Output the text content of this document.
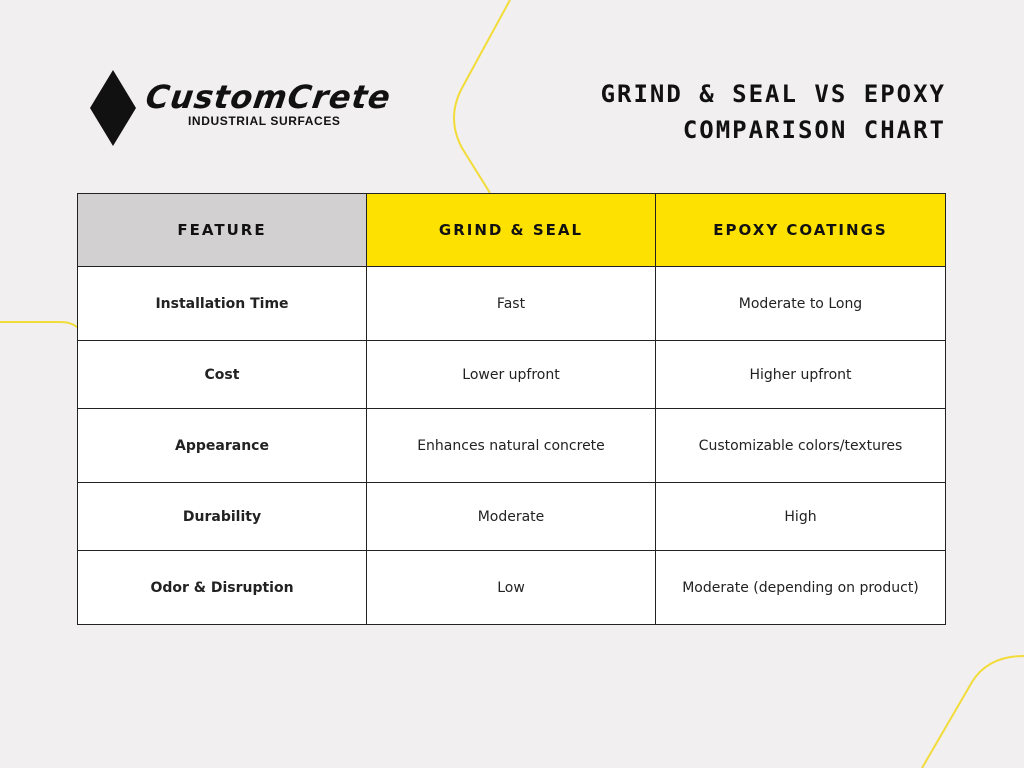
CustomCrete
INDUSTRIAL SURFACES
GRIND & SEAL VS EPOXY
COMPARISON CHART
FEATURE	GRIND & SEAL	EPOXY COATINGS
Installation Time	Fast	Moderate to Long
Cost	Lower upfront	Higher upfront
Appearance	Enhances natural concrete	Customizable colors/textures
Durability	Moderate	High
Odor & Disruption	Low	Moderate (depending on product)
